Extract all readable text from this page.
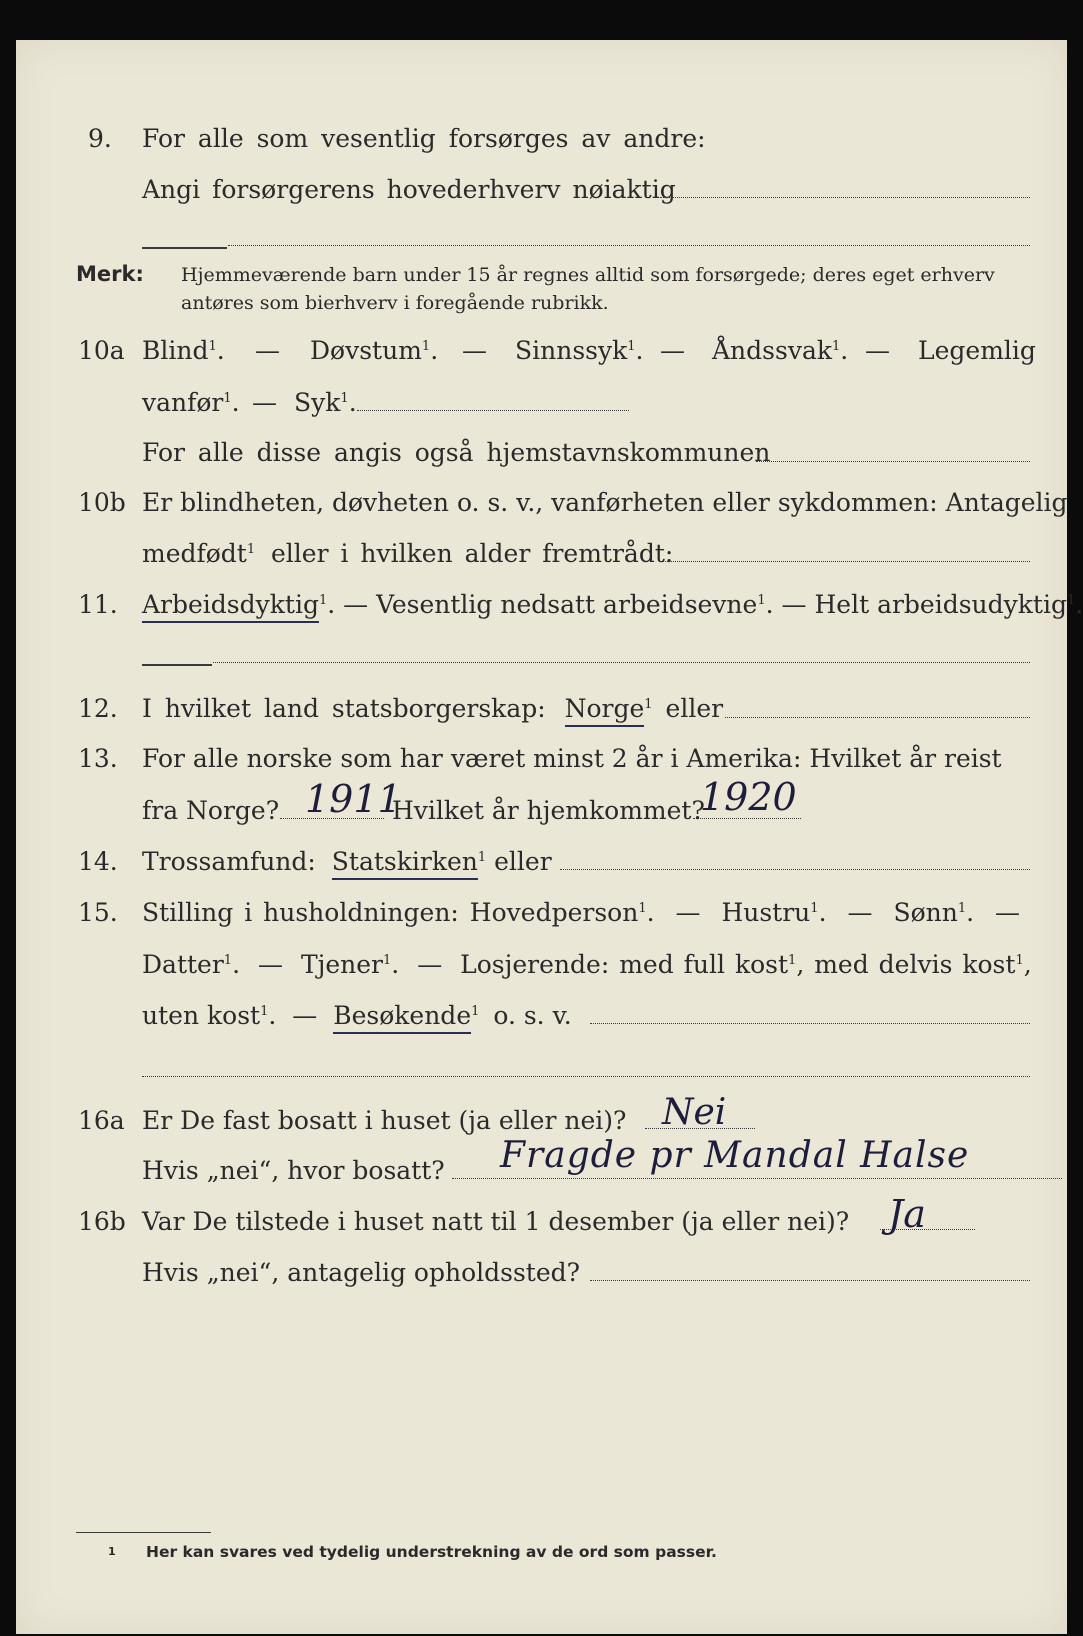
9. For alle som vesentlig forsørges av andre:
Angi forsørgerens hovederhverv nøiaktig
Merk: Hjemmeværende barn under 15 år regnes alltid som forsørgede; deres eget erhverv
antøres som bierhverv i foregående rubrikk.
10a Blind$^1$. — Døvstum$^1$. — Sinnssyk$^1$. — Åndssvak$^1$. — Legemlig
vanfør$^1$. — Syk$^1$.
For alle disse angis også hjemstavnskommunen
10b Er blindheten, døvheten o. s. v., vanførheten eller sykdommen: Antagelig
medfødt$^1$ eller i hvilken alder fremtrådt:
11. Arbeidsdyktig$^1$. — Vesentlig nedsatt arbeidsevne$^1$. — Helt arbeidsudyktig$^1$.
12. I hvilket land statsborgerskap: Norge$^1$ eller
13. For alle norske som har været minst 2 år i Amerika: Hvilket år reist
fra Norge? 1911
Hvilket år hjemkommet?
1920
14. Trossamfund: Statskirken$^1$ eller
15. Stilling i husholdningen: Hovedperson$^1$. — Hustru$^1$. — Sønn$^1$. —
Datter$^1$. — Tjener$^1$. — Losjerende: med full kost$^1$, med delvis kost$^1$,
uten kost$^1$. — Besøkende$^1$ o. s. v.
16a Er De fast bosatt i huset (ja eller nei)? Nei
Hvis „nei“, hvor bosatt? Fragde pr Mandal Halse
16b Var De tilstede i huset natt til 1 desember (ja eller nei)? Ja
Hvis „nei“, antagelig opholdssted?
1 Her kan svares ved tydelig understrekning av de ord som passer.
